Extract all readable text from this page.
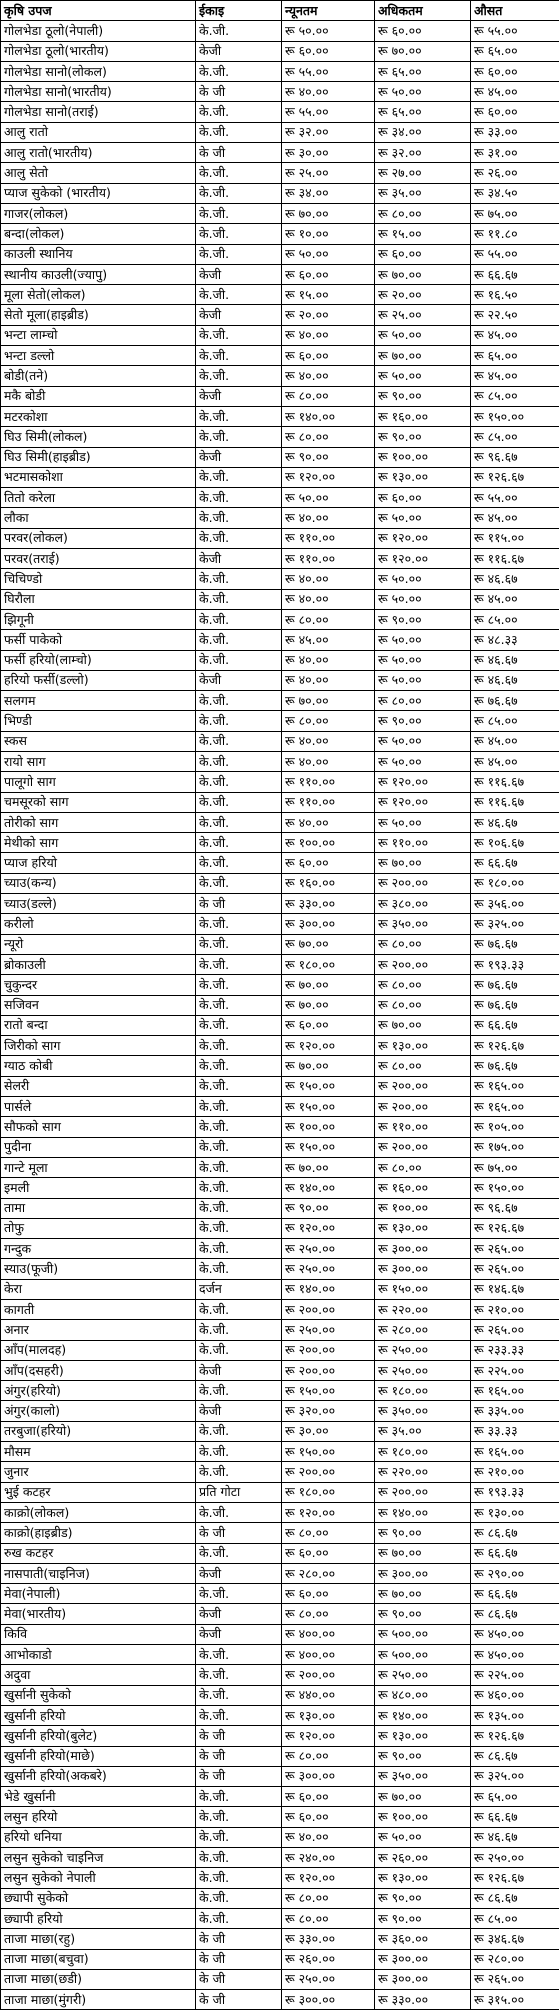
कृषि उपज	ईकाइ	न्यूनतम	अधिकतम	औसत
गोलभेडा ठूलो(नेपाली)	के.जी.	रू ५०.००	रू ६०.००	रू ५५.००
गोलभेडा ठूलो(भारतीय)	केजी	रू ६०.००	रू ७०.००	रू ६५.००
गोलभेडा सानो(लोकल)	के.जी.	रू ५५.००	रू ६५.००	रू ६०.००
गोलभेडा सानो(भारतीय)	के जी	रू ४०.००	रू ५०.००	रू ४५.००
गोलभेडा सानो(तराई)	के.जी.	रू ५५.००	रू ६५.००	रू ६०.००
आलु रातो	के.जी.	रू ३२.००	रू ३४.००	रू ३३.००
आलु रातो(भारतीय)	के जी	रू ३०.००	रू ३२.००	रू ३१.००
आलु सेतो	के.जी.	रू २५.००	रू २७.००	रू २६.००
प्याज सुकेको (भारतीय)	के.जी.	रू ३४.००	रू ३५.००	रू ३४.५०
गाजर(लोकल)	के.जी.	रू ७०.००	रू ८०.००	रू ७५.००
बन्दा(लोकल)	के.जी.	रू १०.००	रू १५.००	रू ११.८०
काउली स्थानिय	के.जी.	रू ५०.००	रू ६०.००	रू ५५.००
स्थानीय काउली(ज्यापु)	केजी	रू ६०.००	रू ७०.००	रू ६६.६७
मूला सेतो(लोकल)	के.जी.	रू १५.००	रू २०.००	रू १६.५०
सेतो मूला(हाइब्रीड)	केजी	रू २०.००	रू २५.००	रू २२.५०
भन्टा लाम्चो	के.जी.	रू ४०.००	रू ५०.००	रू ४५.००
भन्टा डल्लो	के.जी.	रू ६०.००	रू ७०.००	रू ६५.००
बोडी(तने)	के.जी.	रू ४०.००	रू ५०.००	रू ४५.००
मकै बोडी	केजी	रू ८०.००	रू ९०.००	रू ८५.००
मटरकोशा	के.जी.	रू १४०.००	रू १६०.००	रू १५०.००
घिउ सिमी(लोकल)	के.जी.	रू ८०.००	रू ९०.००	रू ८५.००
घिउ सिमी(हाइब्रीड)	केजी	रू ९०.००	रू १००.००	रू ९६.६७
भटमासकोशा	के.जी.	रू १२०.००	रू १३०.००	रू १२६.६७
तितो करेला	के.जी.	रू ५०.००	रू ६०.००	रू ५५.००
लौका	के.जी.	रू ४०.००	रू ५०.००	रू ४५.००
परवर(लोकल)	के.जी.	रू ११०.००	रू १२०.००	रू ११५.००
परवर(तराई)	केजी	रू ११०.००	रू १२०.००	रू ११६.६७
चिचिण्डो	के.जी.	रू ४०.००	रू ५०.००	रू ४६.६७
घिरौला	के.जी.	रू ४०.००	रू ५०.००	रू ४५.००
झिगूनी	के.जी.	रू ८०.००	रू ९०.००	रू ८५.००
फर्सी पाकेको	के.जी.	रू ४५.००	रू ५०.००	रू ४८.३३
फर्सी हरियो(लाम्चो)	के.जी.	रू ४०.००	रू ५०.००	रू ४६.६७
हरियो फर्सी(डल्लो)	केजी	रू ४०.००	रू ५०.००	रू ४६.६७
सलगम	के.जी.	रू ७०.००	रू ८०.००	रू ७६.६७
भिण्डी	के.जी.	रू ८०.००	रू ९०.००	रू ८५.००
स्कस	के.जी.	रू ४०.००	रू ५०.००	रू ४५.००
रायो साग	के.जी.	रू ४०.००	रू ५०.००	रू ४५.००
पालूगो साग	के.जी.	रू ११०.००	रू १२०.००	रू ११६.६७
चमसूरको साग	के.जी.	रू ११०.००	रू १२०.००	रू ११६.६७
तोरीको साग	के.जी.	रू ४०.००	रू ५०.००	रू ४६.६७
मेथीको साग	के.जी.	रू १००.००	रू ११०.००	रू १०६.६७
प्याज हरियो	के.जी.	रू ६०.००	रू ७०.००	रू ६६.६७
च्याउ(कन्य)	के.जी.	रू १६०.००	रू २००.००	रू १८०.००
च्याउ(डल्ले)	के जी	रू ३३०.००	रू ३८०.००	रू ३५६.००
करीलो	के.जी.	रू ३००.००	रू ३५०.००	रू ३२५.००
न्यूरो	के.जी.	रू ७०.००	रू ८०.००	रू ७६.६७
ब्रोकाउली	के.जी.	रू १८०.००	रू २००.००	रू १९३.३३
चुकुन्दर	के.जी.	रू ७०.००	रू ८०.००	रू ७६.६७
सजिवन	के.जी.	रू ७०.००	रू ८०.००	रू ७६.६७
रातो बन्दा	के.जी.	रू ६०.००	रू ७०.००	रू ६६.६७
जिरीको साग	के.जी.	रू १२०.००	रू १३०.००	रू १२६.६७
ग्याठ कोबी	के.जी.	रू ७०.००	रू ८०.००	रू ७६.६७
सेलरी	के.जी.	रू १५०.००	रू २००.००	रू १६५.००
पार्सले	के.जी.	रू १५०.००	रू २००.००	रू १६५.००
सौफको साग	के.जी.	रू १००.००	रू ११०.००	रू १०५.००
पुदीना	के.जी.	रू १५०.००	रू २००.००	रू १७५.००
गान्टे मूला	के.जी.	रू ७०.००	रू ८०.००	रू ७५.००
इमली	के.जी.	रू १४०.००	रू १६०.००	रू १५०.००
तामा	के.जी.	रू ९०.००	रू १००.००	रू ९६.६७
तोफु	के.जी.	रू १२०.००	रू १३०.००	रू १२६.६७
गन्दुक	के.जी.	रू २५०.००	रू ३००.००	रू २६५.००
स्याउ(फूजी)	के.जी.	रू २५०.००	रू ३००.००	रू २६५.००
केरा	दर्जन	रू १४०.००	रू १५०.००	रू १४६.६७
कागती	के.जी.	रू २००.००	रू २२०.००	रू २१०.००
अनार	के.जी.	रू २५०.००	रू २८०.००	रू २६५.००
आँप(मालदह)	के.जी.	रू २००.००	रू २५०.००	रू २३३.३३
आँप(दसहरी)	केजी	रू २००.००	रू २५०.००	रू २२५.००
अंगुर(हरियो)	के.जी.	रू १५०.००	रू १८०.००	रू १६५.००
अंगुर(कालो)	केजी	रू ३२०.००	रू ३५०.००	रू ३३५.००
तरबुजा(हरियो)	के.जी.	रू ३०.००	रू ३५.००	रू ३३.३३
मौसम	के.जी.	रू १५०.००	रू १८०.००	रू १६५.००
जुनार	के.जी.	रू २००.००	रू २२०.००	रू २१०.००
भुई कटहर	प्रति गोटा	रू १८०.००	रू २००.००	रू १९३.३३
काक्रो(लोकल)	के.जी.	रू १२०.००	रू १४०.००	रू १३०.००
काक्रो(हाइब्रीड)	के जी	रू ८०.००	रू ९०.००	रू ८६.६७
रुख कटहर	के.जी.	रू ६०.००	रू ७०.००	रू ६६.६७
नासपाती(चाइनिज)	केजी	रू २८०.००	रू ३००.००	रू २९०.००
मेवा(नेपाली)	के.जी.	रू ६०.००	रू ७०.००	रू ६६.६७
मेवा(भारतीय)	केजी	रू ८०.००	रू ९०.००	रू ८६.६७
किवि	केजी	रू ४००.००	रू ५००.००	रू ४५०.००
आभोकाडो	के.जी.	रू ४००.००	रू ५००.००	रू ४५०.००
अदुवा	के.जी.	रू २००.००	रू २५०.००	रू २२५.००
खुर्सानी सुकेको	के.जी.	रू ४४०.००	रू ४८०.००	रू ४६०.००
खुर्सानी हरियो	के.जी.	रू १३०.००	रू १४०.००	रू १३५.००
खुर्सानी हरियो(बुलेट)	के जी	रू १२०.००	रू १३०.००	रू १२६.६७
खुर्सानी हरियो(माछे)	के जी	रू ८०.००	रू ९०.००	रू ८६.६७
खुर्सानी हरियो(अकबरे)	के जी	रू ३००.००	रू ३५०.००	रू ३२५.००
भेडे खुर्सानी	के.जी.	रू ६०.००	रू ७०.००	रू ६५.००
लसुन हरियो	के.जी.	रू ६०.००	रू १००.००	रू ६६.६७
हरियो धनिया	के.जी.	रू ४०.००	रू ५०.००	रू ४६.६७
लसुन सुकेको चाइनिज	के.जी.	रू २४०.००	रू २६०.००	रू २५०.००
लसुन सुकेको नेपाली	के.जी.	रू १२०.००	रू १३०.००	रू १२६.६७
छ्यापी सुकेको	के.जी.	रू ८०.००	रू ९०.००	रू ८६.६७
छ्यापी हरियो	के.जी.	रू ८०.००	रू ९०.००	रू ८५.००
ताजा माछा(रहु)	के जी	रू ३३०.००	रू ३६०.००	रू ३४६.६७
ताजा माछा(बचुवा)	के जी	रू २६०.००	रू ३००.००	रू २८०.००
ताजा माछा(छडी)	के जी	रू २५०.००	रू ३००.००	रू २६५.००
ताजा माछा(मुंगरी)	के जी	रू ३००.००	रू ३३०.००	रू ३१५.००
